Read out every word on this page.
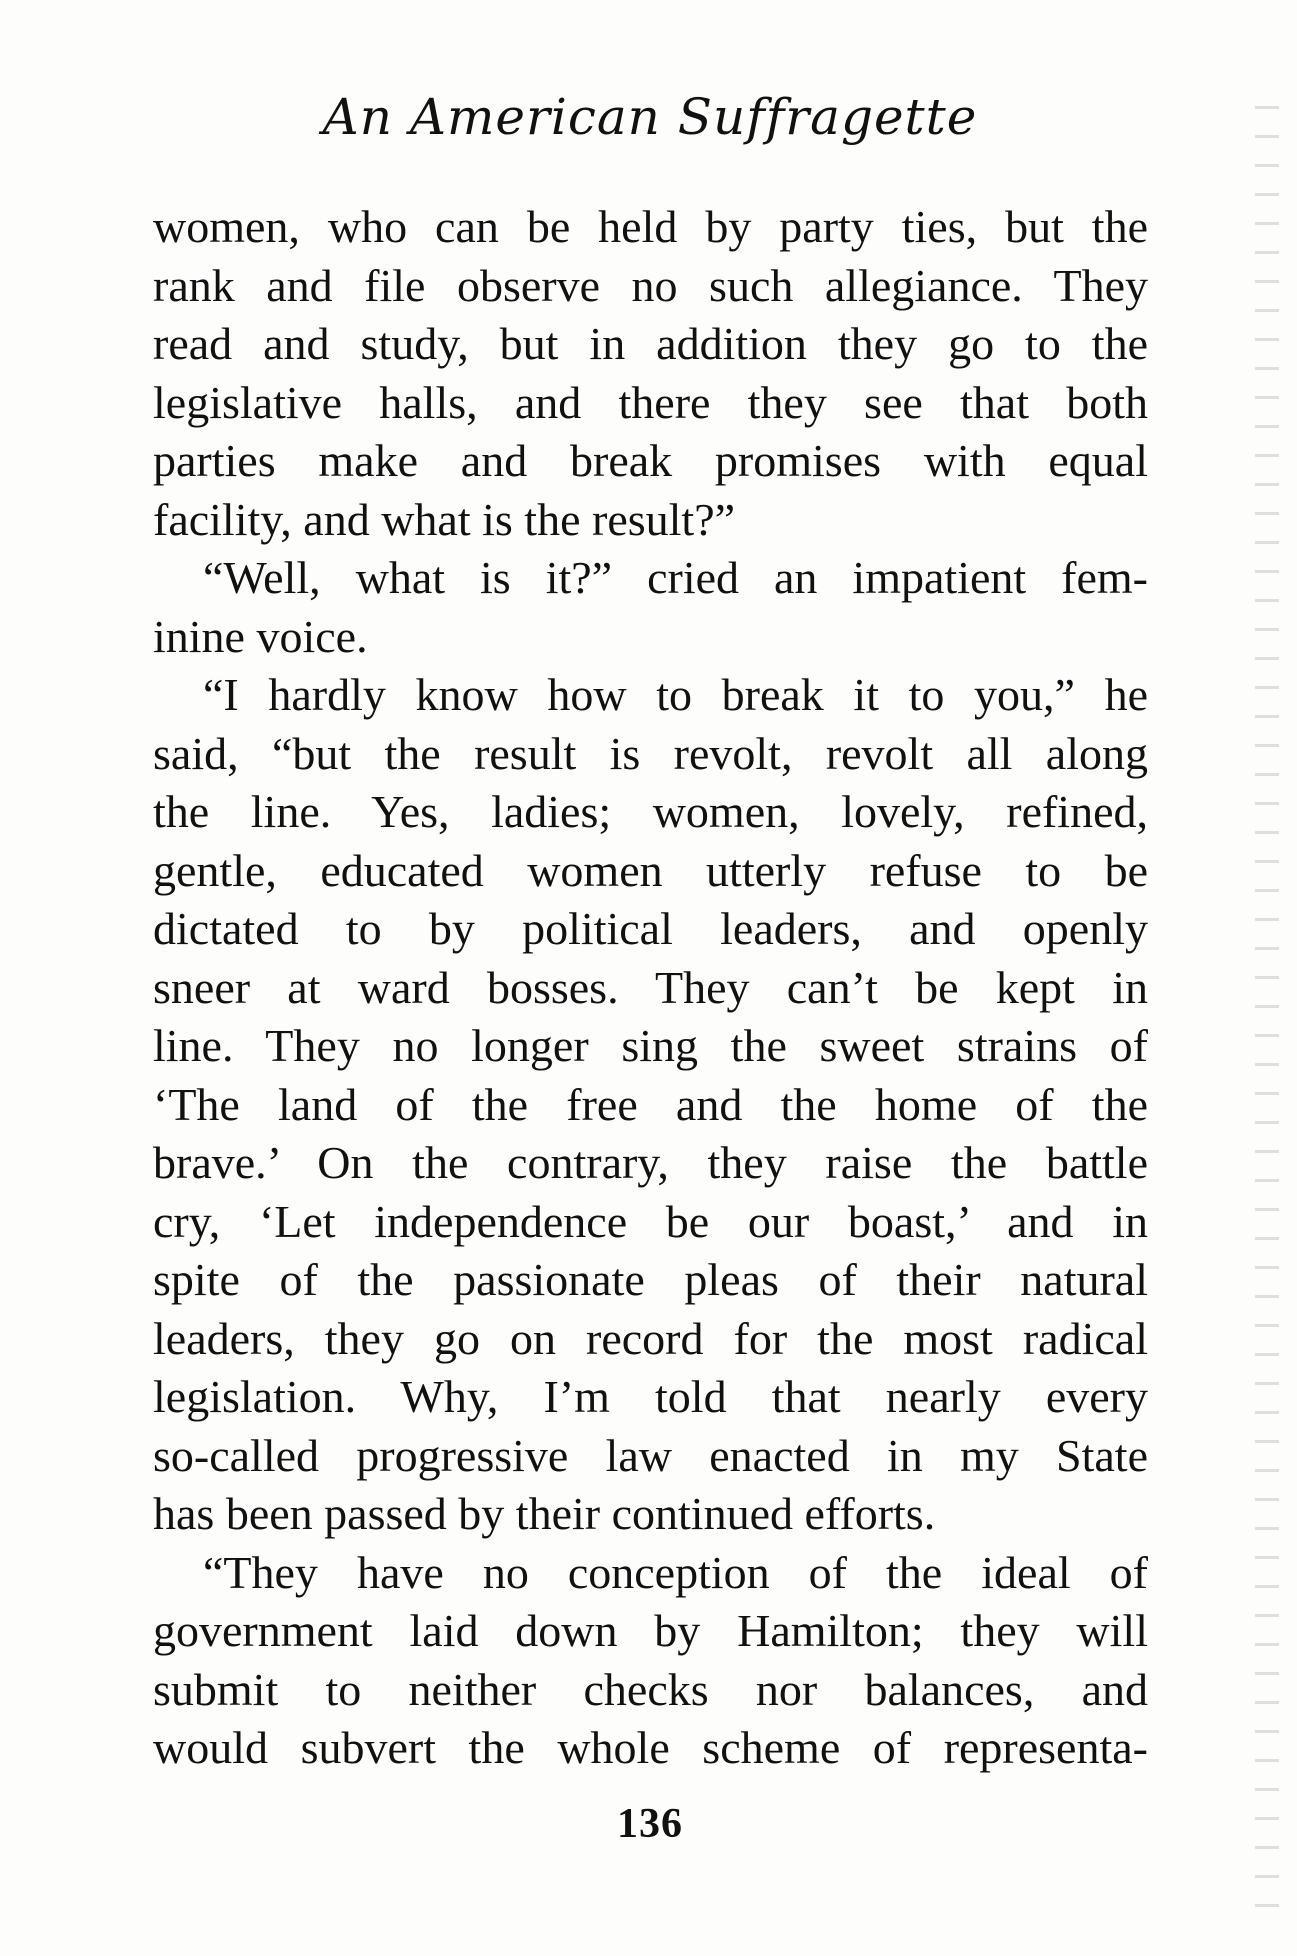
An American Suffragette
women, who can be held by party ties, but the
rank and file observe no such allegiance. They
read and study, but in addition they go to the
legislative halls, and there they see that both
parties make and break promises with equal
facility, and what is the result?”
“Well, what is it?” cried an impatient fem-
inine voice.
“I hardly know how to break it to you,” he
said, “but the result is revolt, revolt all along
the line. Yes, ladies; women, lovely, refined,
gentle, educated women utterly refuse to be
dictated to by political leaders, and openly
sneer at ward bosses. They can’t be kept in
line. They no longer sing the sweet strains of
‘The land of the free and the home of the
brave.’ On the contrary, they raise the battle
cry, ‘Let independence be our boast,’ and in
spite of the passionate pleas of their natural
leaders, they go on record for the most radical
legislation. Why, I’m told that nearly every
so-called progressive law enacted in my State
has been passed by their continued efforts.
“They have no conception of the ideal of
government laid down by Hamilton; they will
submit to neither checks nor balances, and
would subvert the whole scheme of representa-
136
